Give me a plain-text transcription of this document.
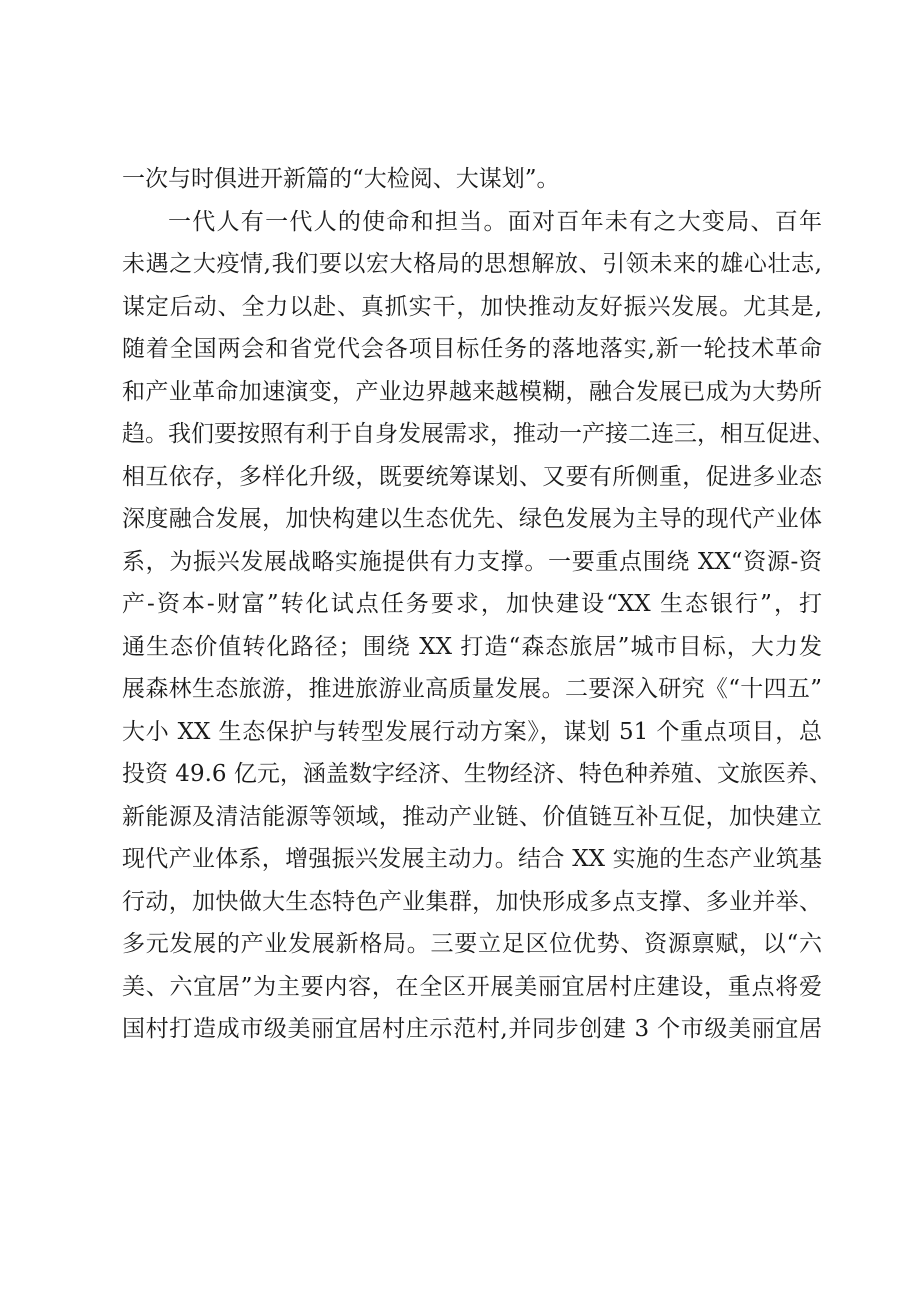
一次与时俱进开新篇的“大检阅、大谋划”。
一代人有一代人的使命和担当。面对百年未有之大变局、百年
未遇之大疫情,我们要以宏大格局的思想解放、引领未来的雄心壮志,
谋定后动、全力以赴、真抓实干，加快推动友好振兴发展。尤其是,
随着全国两会和省党代会各项目标任务的落地落实,新一轮技术革命
和产业革命加速演变，产业边界越来越模糊，融合发展已成为大势所
趋。我们要按照有利于自身发展需求，推动一产接二连三，相互促进、
相互依存，多样化升级，既要统筹谋划、又要有所侧重，促进多业态
深度融合发展，加快构建以生态优先、绿色发展为主导的现代产业体
系，为振兴发展战略实施提供有力支撑。一要重点围绕 XX“资源-资
产-资本-财富”转化试点任务要求，加快建设“XX 生态银行”，打
通生态价值转化路径；围绕 XX 打造“森态旅居”城市目标，大力发
展森林生态旅游，推进旅游业高质量发展。二要深入研究《“十四五”
大小 XX 生态保护与转型发展行动方案》，谋划 51 个重点项目，总
投资 49.6 亿元，涵盖数字经济、生物经济、特色种养殖、文旅医养、
新能源及清洁能源等领域，推动产业链、价值链互补互促，加快建立
现代产业体系，增强振兴发展主动力。结合 XX 实施的生态产业筑基
行动，加快做大生态特色产业集群，加快形成多点支撑、多业并举、
多元发展的产业发展新格局。三要立足区位优势、资源禀赋，以“六
美、六宜居”为主要内容，在全区开展美丽宜居村庄建设，重点将爱
国村打造成市级美丽宜居村庄示范村,并同步创建 3 个市级美丽宜居
